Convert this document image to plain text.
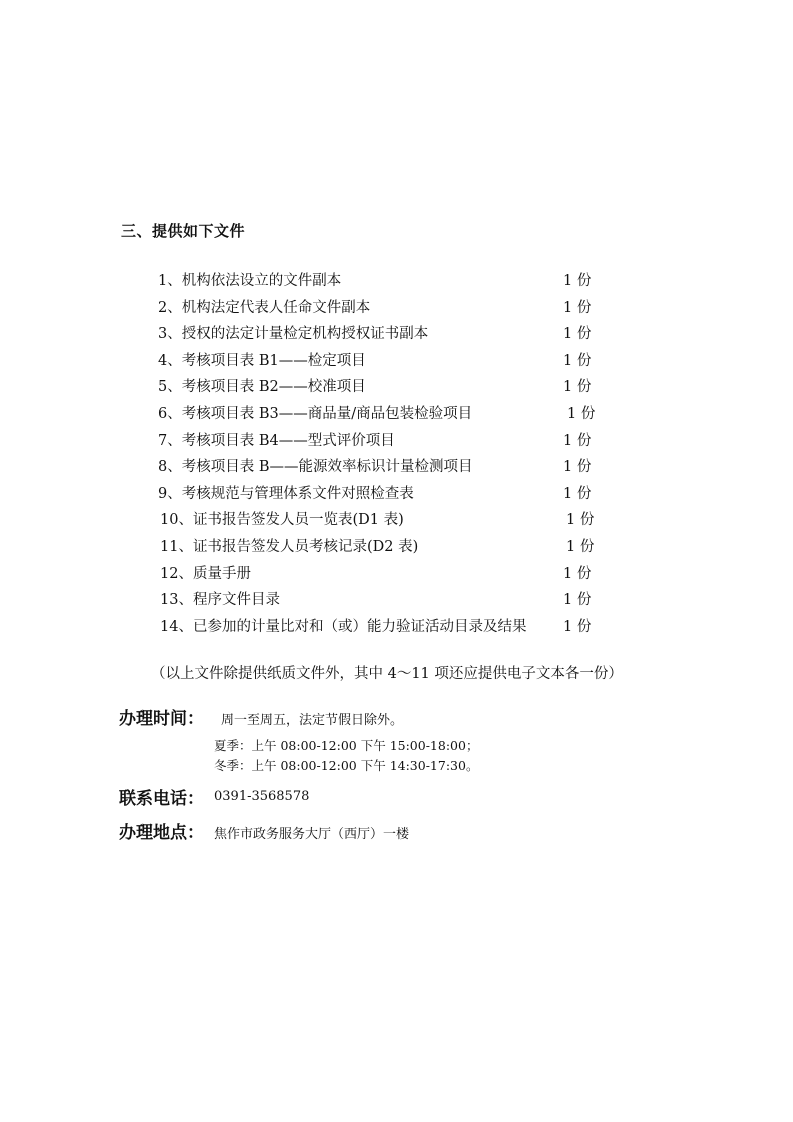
三、提供如下文件
1、机构依法设立的文件副本	1 份
2、机构法定代表人任命文件副本	1 份
3、授权的法定计量检定机构授权证书副本	1 份
4、考核项目表 B1——检定项目	1 份
5、考核项目表 B2——校准项目	1 份
6、考核项目表 B3——商品量/商品包装检验项目	1 份
7、考核项目表 B4——型式评价项目	1 份
8、考核项目表 B——能源效率标识计量检测项目	1 份
9、考核规范与管理体系文件对照检查表	1 份
10、证书报告签发人员一览表(D1 表)	1 份
11、证书报告签发人员考核记录(D2 表)	1 份
12、质量手册	1 份
13、程序文件目录	1 份
14、已参加的计量比对和（或）能力验证活动目录及结果	1 份
（以上文件除提供纸质文件外，其中 4～11 项还应提供电子文本各一份）
办理时间： 周一至周五，法定节假日除外。
夏季：上午 08:00-12:00 下午 15:00-18:00；
冬季：上午 08:00-12:00 下午 14:30-17:30。
联系电话： 0391-3568578
办理地点： 焦作市政务服务大厅（西厅）一楼
